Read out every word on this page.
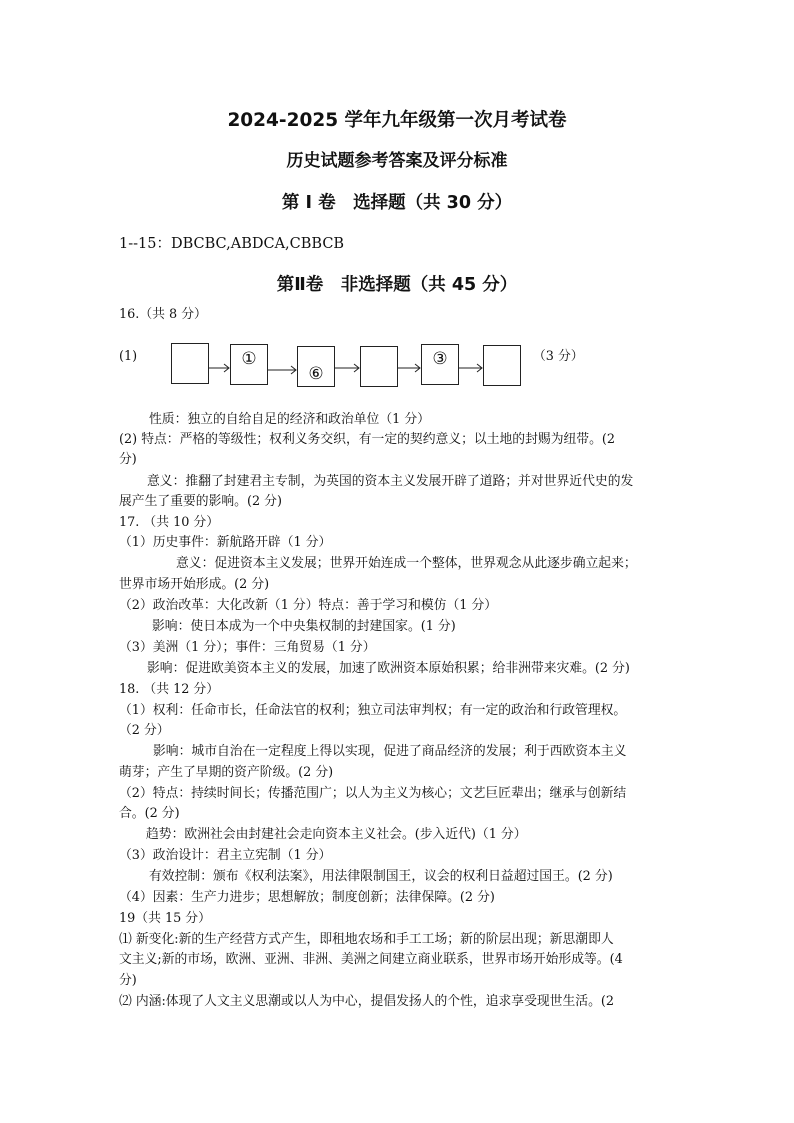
2024-2025 学年九年级第一次月考试卷
历史试题参考答案及评分标准
第 I 卷　选择题（共 30 分）
1--15：DBCBC,ABDCA,CBBCB
第Ⅱ卷　非选择题（共 45 分）
16.（共 8 分）
(1)	①
⑥
③	（3 分）
性质：独立的自给自足的经济和政治单位（1 分）
(2) 特点：严格的等级性；权利义务交织，有一定的契约意义；以土地的封赐为纽带。(2
分)
意义：推翻了封建君主专制，为英国的资本主义发展开辟了道路；并对世界近代史的发
展产生了重要的影响。(2 分)
17. （共 10 分）
（1）历史事件：新航路开辟（1 分）
意义：促进资本主义发展；世界开始连成一个整体，世界观念从此逐步确立起来；
世界市场开始形成。(2 分)
（2）政治改革：大化改新（1 分）特点：善于学习和模仿（1 分）
影响：使日本成为一个中央集权制的封建国家。(1 分)
（3）美洲（1 分）；事件：三角贸易（1 分）
影响：促进欧美资本主义的发展，加速了欧洲资本原始积累；给非洲带来灾难。(2 分)
18. （共 12 分）
（1）权利：任命市长，任命法官的权利；独立司法审判权；有一定的政治和行政管理权。
（2 分）
影响：城市自治在一定程度上得以实现，促进了商品经济的发展；利于西欧资本主义
萌芽；产生了早期的资产阶级。(2 分)
（2）特点：持续时间长；传播范围广；以人为主义为核心；文艺巨匠辈出；继承与创新结
合。(2 分)
趋势：欧洲社会由封建社会走向资本主义社会。(步入近代)（1 分）
（3）政治设计：君主立宪制（1 分）
有效控制：颁布《权利法案》，用法律限制国王，议会的权利日益超过国王。(2 分)
（4）因素：生产力进步；思想解放；制度创新；法律保障。(2 分)
19（共 15 分）
⑴ 新变化:新的生产经营方式产生，即租地农场和手工工场；新的阶层出现；新思潮即人
文主义;新的市场，欧洲、亚洲、非洲、美洲之间建立商业联系，世界市场开始形成等。(4
分)
⑵ 内涵:体现了人文主义思潮或以人为中心，提倡发扬人的个性，追求享受现世生活。(2
